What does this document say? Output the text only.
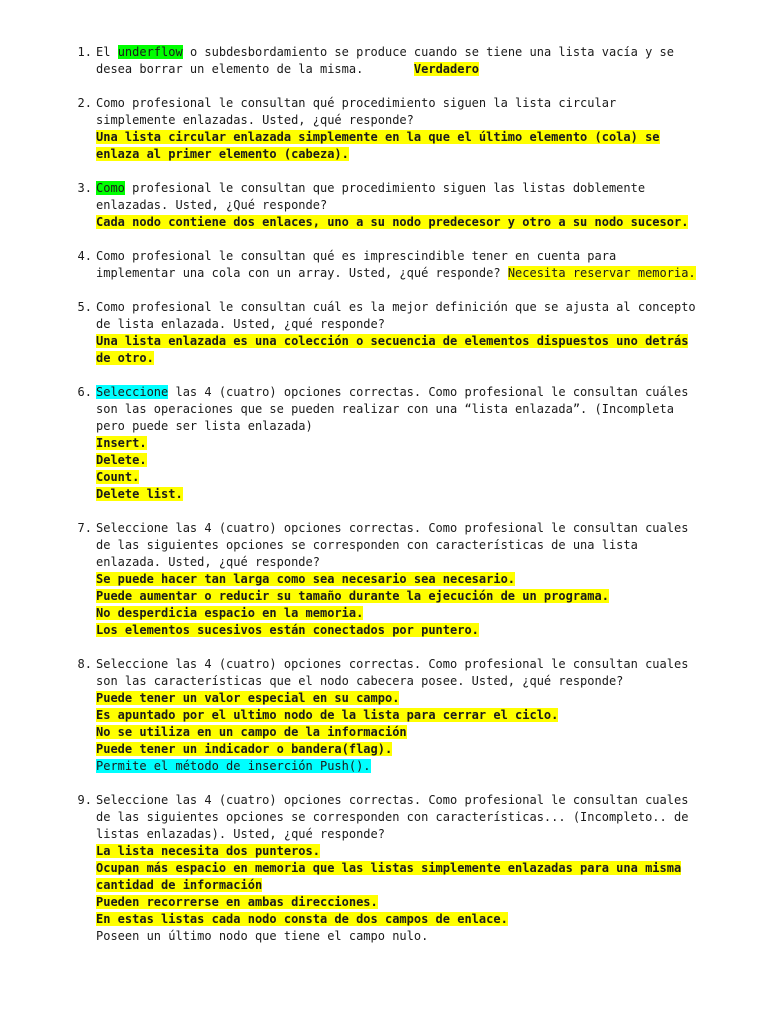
1. El underflow o subdesbordamiento se produce cuando se tiene una lista vacía y se
desea borrar un elemento de la misma.	Verdadero
2. Como profesional le consultan qué procedimiento siguen la lista circular
simplemente enlazadas. Usted, ¿qué responde?
Una lista circular enlazada simplemente en la que el último elemento (cola) se
enlaza al primer elemento (cabeza).
3. Como profesional le consultan que procedimiento siguen las listas doblemente
enlazadas. Usted, ¿Qué responde?
Cada nodo contiene dos enlaces, uno a su nodo predecesor y otro a su nodo sucesor.
4. Como profesional le consultan qué es imprescindible tener en cuenta para
implementar una cola con un array. Usted, ¿qué responde? Necesita reservar memoria.
5. Como profesional le consultan cuál es la mejor definición que se ajusta al concepto
de lista enlazada. Usted, ¿qué responde?
Una lista enlazada es una colección o secuencia de elementos dispuestos uno detrás
de otro.
6. Seleccione las 4 (cuatro) opciones correctas. Como profesional le consultan cuáles
son las operaciones que se pueden realizar con una “lista enlazada”. (Incompleta
pero puede ser lista enlazada)
Insert.
Delete.
Count.
Delete list.
7. Seleccione las 4 (cuatro) opciones correctas. Como profesional le consultan cuales
de las siguientes opciones se corresponden con características de una lista
enlazada. Usted, ¿qué responde?
Se puede hacer tan larga como sea necesario sea necesario.
Puede aumentar o reducir su tamaño durante la ejecución de un programa.
No desperdicia espacio en la memoria.
Los elementos sucesivos están conectados por puntero.
8. Seleccione las 4 (cuatro) opciones correctas. Como profesional le consultan cuales
son las características que el nodo cabecera posee. Usted, ¿qué responde?
Puede tener un valor especial en su campo.
Es apuntado por el ultimo nodo de la lista para cerrar el ciclo.
No se utiliza en un campo de la información
Puede tener un indicador o bandera(flag).
Permite el método de inserción Push().
9. Seleccione las 4 (cuatro) opciones correctas. Como profesional le consultan cuales
de las siguientes opciones se corresponden con características... (Incompleto.. de
listas enlazadas). Usted, ¿qué responde?
La lista necesita dos punteros.
Ocupan más espacio en memoria que las listas simplemente enlazadas para una misma
cantidad de información
Pueden recorrerse en ambas direcciones.
En estas listas cada nodo consta de dos campos de enlace.
Poseen un último nodo que tiene el campo nulo.
